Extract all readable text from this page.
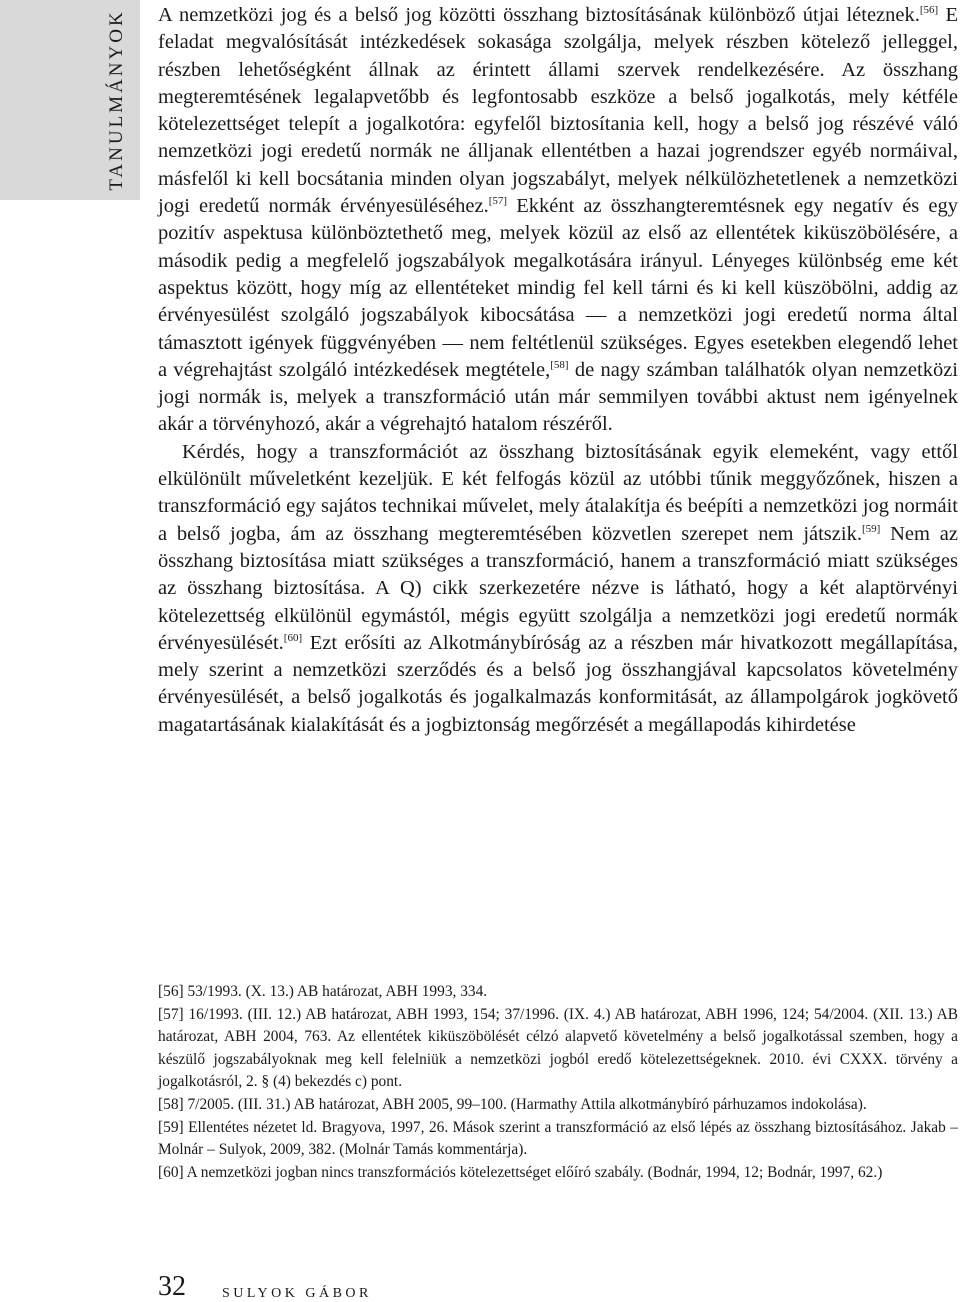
TANULMÁNYOK A nemzetközi jog és a belső jog közötti összhang biztosításának különböző útjai léteznek.[56] E feladat megvalósítását intézkedések sokasága szolgálja, melyek részben kötelező jelleggel, részben lehetőségként állnak az érintett állami szervek rendelkezésére. Az összhang megteremtésének legalapvetőbb és legfontosabb eszköze a belső jogalkotás, mely kétféle kötelezettséget telepít a jogalkotóra: egyfelől biztosítania kell, hogy a belső jog részévé váló nemzetközi jogi eredetű normák ne álljanak ellentétben a hazai jogrendszer egyéb normáival, másfelől ki kell bocsátania minden olyan jogszabályt, melyek nélkülözhetetlenek a nemzetközi jogi eredetű normák érvényesüléséhez.[57] Ekként az összhangteremtésnek egy negatív és egy pozitív aspektusa különböztethető meg, melyek közül az első az ellentétek kiküszöbölésére, a második pedig a megfelelő jogszabályok megalkotására irányul. Lényeges különbség eme két aspektus között, hogy míg az ellentéteket mindig fel kell tárni és ki kell küszöbölni, addig az érvényesülést szolgáló jogszabályok kibocsátása — a nemzetközi jogi eredetű norma által támasztott igények függvényében — nem feltétlenül szükséges. Egyes esetekben elegendő lehet a végrehajtást szolgáló intézkedések megtétele,[58] de nagy számban találhatók olyan nemzetközi jogi normák is, melyek a transzformáció után már semmilyen további aktust nem igényelnek akár a törvényhozó, akár a végrehajtó hatalom részéről.

Kérdés, hogy a transzformációt az összhang biztosításának egyik elemeként, vagy ettől elkülönült műveletként kezeljük. E két felfogás közül az utóbbi tűnik meggyőzőnek, hiszen a transzformáció egy sajátos technikai művelet, mely átalakítja és beépíti a nemzetközi jog normáit a belső jogba, ám az összhang megteremtésében közvetlen szerepet nem játszik.[59] Nem az összhang biztosítása miatt szükséges a transzformáció, hanem a transzformáció miatt szükséges az összhang biztosítása. A Q) cikk szerkezetére nézve is látható, hogy a két alaptörvényi kötelezettség elkülönül egymástól, mégis együtt szolgálja a nemzetközi jogi eredetű normák érvényesülését.[60] Ezt erősíti az Alkotmánybíróság az a részben már hivatkozott megállapítása, mely szerint a nemzetközi szerződés és a belső jog összhangjával kapcsolatos követelmény érvényesülését, a belső jogalkotás és jogalkalmazás konformitását, az állampolgárok jogkövető magatartásának kialakítását és a jogbiztonság megőrzését a megállapodás kihirdetése

[56] 53/1993. (X. 13.) AB határozat, ABH 1993, 334.

[57] 16/1993. (III. 12.) AB határozat, ABH 1993, 154; 37/1996. (IX. 4.) AB határozat, ABH 1996, 124; 54/2004. (XII. 13.) AB határozat, ABH 2004, 763. Az ellentétek kiküszöbölését célzó alapvető követelmény a belső jogalkotással szemben, hogy a készülő jogszabályoknak meg kell felelniük a nemzetközi jogból eredő kötelezettségeknek. 2010. évi CXXX. törvény a jogalkotásról, 2. § (4) bekezdés c) pont.

[58] 7/2005. (III. 31.) AB határozat, ABH 2005, 99–100. (Harmathy Attila alkotmánybíró párhuzamos indokolása).

[59] Ellentétes nézetet ld. Bragyova, 1997, 26. Mások szerint a transzformáció az első lépés az összhang biztosításához. Jakab – Molnár – Sulyok, 2009, 382. (Molnár Tamás kommentárja).

[60] A nemzetközi jogban nincs transzformációs kötelezettséget előíró szabály. (Bodnár, 1994, 12; Bodnár, 1997, 62.)

32	SULYOK GÁBOR
